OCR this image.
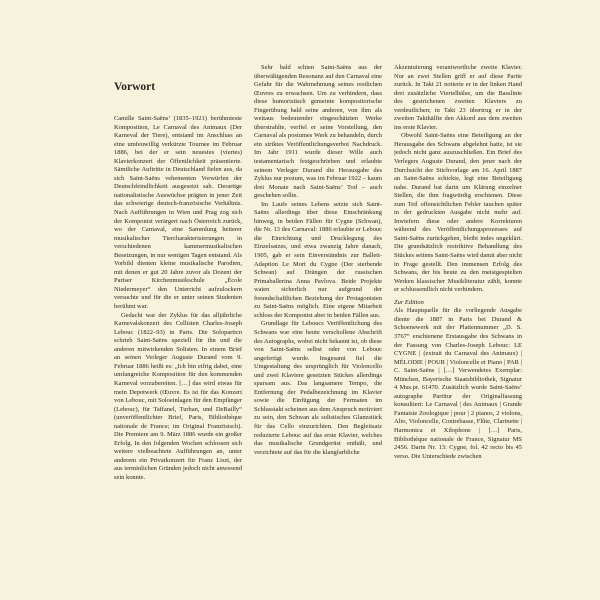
Vorwort

Camille Saint-Saëns’ (1835–1921) berühmteste Komposition, Le Carnaval des Animaux (Der Karneval der Tiere), entstand im Anschluss an eine umfeuwillig verkürzte Tournee im Februar 1886, bei der er sein neuestes (viertes) Klavierkonzert der Öffentlichkeit präsentierte. Sämtliche Auftritte in Deutschland fielen aus, da sich Saint-Saëns vehementen Vorwürfen der Deutschfeindlichkeit ausgesetzt sah. Derartige nationalistische Auswüchse prägten in jener Zeit das schwierige deutsch-französische Verhältnis. Nach Aufführungen in Wien und Prag zog sich der Komponist verärgert nach Österreich zurück, wo der Carnaval, eine Sammlung heiterer musikalischer Tiercharakterisierungen in verschiedenen kammermusikalischen Besetzungen, in nur wenigen Tagen entstand. Als Vorbild dienten kleine musikalische Parodien, mit denen er gut 20 Jahre zuvor als Dozent der Pariser Kirchenmusikschule „École Niedermeyer“ den Unterricht aufzulockern versuchte und für die er unter seinen Studenten berühmt war.

Gedacht war der Zyklus für das alljährliche Karnevalskonzert des Cellisten Charles-Joseph Lebouc (1822–93) in Paris. Die Soloparticn schrieb Saint-Saëns speziell für ihn und die anderen mitwirkenden Solisten. In einem Brief an seinen Verleger Auguste Durand vom 9. Februar 1886 heißt es: „Ich bin eifrig dabei, eine umfangreiche Komposition für den kommenden Karneval vorzubereiten. […] das wird etwas für mein Depotwerk (Œuvre. Es ist für das Konzert von Lebouc, mit Soloeinlagen für den Empfänger (Lebouc), für Taffanel, Turban, und DeBailly“ (unveröffentlichter Brief, Paris, Bibliothèque nationale de France; im Original Französisch). Die Premiere am 9. März 1886 wurde ein großer Erfolg. In den folgenden Wochen schlossen sich weitere vielbeachtete Aufführungen an, unter anderem ein Privatkonzert für Franz Liszt, der aus terminlichen Gründen jedoch nicht anwesend sein konnte.

Sehr bald schien Saint-Saëns aus der überwältigenden Resonanz auf den Carnaval eine Gefahr für die Wahrnehmung seines restlichen Œuvres zu erwachsen. Um zu verhindern, dass diese humoristisch gemeinte kompositorische Fingerübung bald seine anderen, von ihm als weitaus bedeutender eingeschätzten Werke überstrahlte, verfiel er seine Vorstellung, den Carnaval als postumes Werk zu behandeln, durch ein striktes Veröffentlichungsverbot Nachdruck. Im Jahr 1911 wurde dieser Wille auch testamentarisch festgeschrieben und erlaubte seinem Verleger Durand die Herausgabe des Zyklus nur postum, was im Februar 1922 – kaum drei Monate nach Saint-Saëns’ Tod – auch geschehen sollte.

Im Laufe seines Lebens setzte sich Saint-Saëns allerdings über diese Einschränkung hinweg, in beiden Fällen für Cygne (Schwan), die Nr. 13 des Carnaval: 1886 erlaubte er Lebouc die Einrichtung und Drucklegung des Einzelsatzes, und etwa zwanzig Jahre danach, 1905, gab er sein Einverständnis zur Ballett-Adaption Le Mort du Cygne (Der sterbende Schwan) auf Drängen der russischen Primaballerina Anna Pavlova. Beide Projekte waten sicherlich nur aufgrund der freundschaftlichen Beziehung der Protagonisten zu Saint-Saëns möglich. Eine eigene Mitarbeit schloss der Komponist aber in beiden Fällen aus.

Grundlage für Leboucs Veröffentlichung des Schwans war eine heute verschollene Abschrift des Autographs, wobei nicht bekannt ist, ob diese von Saint-Saëns selbst oder von Lebouc angefertigt wurde. Insgesamt fiel die Umgestaltung des ursprünglich für Violoncello und zwei Klaviere gesetzten Stückes allerdings sparsam aus. Das langsamere Tempo, die Entfernung der Pedalbezeichnung im Klavier sowie die Einfügung der Fermaten im Schlusstakt scheinen aus dem Anspruch motiviert zu sein, den Schwan als solistisches Glanzstück für das Cello einzurichten. Den Begleitsatz reduzierte Lebouc auf das erste Klavier, welches das musikalische Grundgerüst enthält, und verzichtete auf das für die klangfarbliche

Akzentuierung verantwortliche zweite Klavier. Nur an zwei Stellen griff er auf diese Partie zurück. In Takt 21 notierte er in der linken Hand drei zusätzliche Viertelhälse, um die Basslinie des gestrichenen zweiten Klaviers zu verdeutlichen; in Takt 23 übertrug er in der zweiten Takthälfte den Akkord aus dem zweiten ins erste Klavier.

Obwohl Saint-Saëns eine Beteiligung an der Herausgabe des Schwans abgelehnt hatte, ist sie jedoch nicht ganz auszuschließen. Ein Brief des Verlegers Auguste Durand, den jener nach der Durchsicht der Stichvorlage am 16. April 1887 an Saint-Saëns schickte, legt eine Beteiligung nahe. Durand bat darin um Klärung einzelner Stellen, die ihm fragwürdig erschienen. Diese zum Teil offensichtlichen Fehler tauchen später in der gedruckten Ausgabe nicht mehr auf. Inwiefern diese oder andere Korrekturen während des Veröffentlichungsprozesses auf Saint-Saëns zurückgehen, bleibt indes ungeklärt. Die grundsätzlich restriktive Behandlung des Stückes seitens Saint-Saëns wird damit aber nicht in Frage gestellt. Den immensen Erfolg des Schwans, der bis heute zu den meistgespielten Werken klassischer Musikliteratur zählt, konnte er schlussendlich nicht verhindern.

Zur Edition

Als Hauptquelle für die vorliegende Ausgabe diente die 1887 in Paris bei Durand & Schoenewerk mit der Plattennummer „D. S. 3767“ erschienene Erstausgabe des Schwans in der Fassung von Charles-Joseph Lebouc: LE CYGNE | (extrait du Carnaval des Animaux) | MÉLODIE | POUR | Violoncelle et Piano | PAR | C. Saint-Saëns | […] Verwendetes Exemplar: München, Bayerische Staatsbibliothek, Signatur 4 Mus.pr. 61470. Zusätzlich wurde Saint-Saëns’ autographe Partitur der Originalfassung konsultiert: Le Carnaval | des Animaux | Grande Fantaisie Zoologique | pour | 2 pianos, 2 violons, Alto, Violoncelle, Contrebasse, Flûte, Clarinette | Harmonica et Xilophone | […] Paris, Bibliothèque nationale de France, Signatur MS 2456. Darin Nr. 13: Cygne, fol. 42 recto bis 45 verso. Die Unterschiede zwischen
